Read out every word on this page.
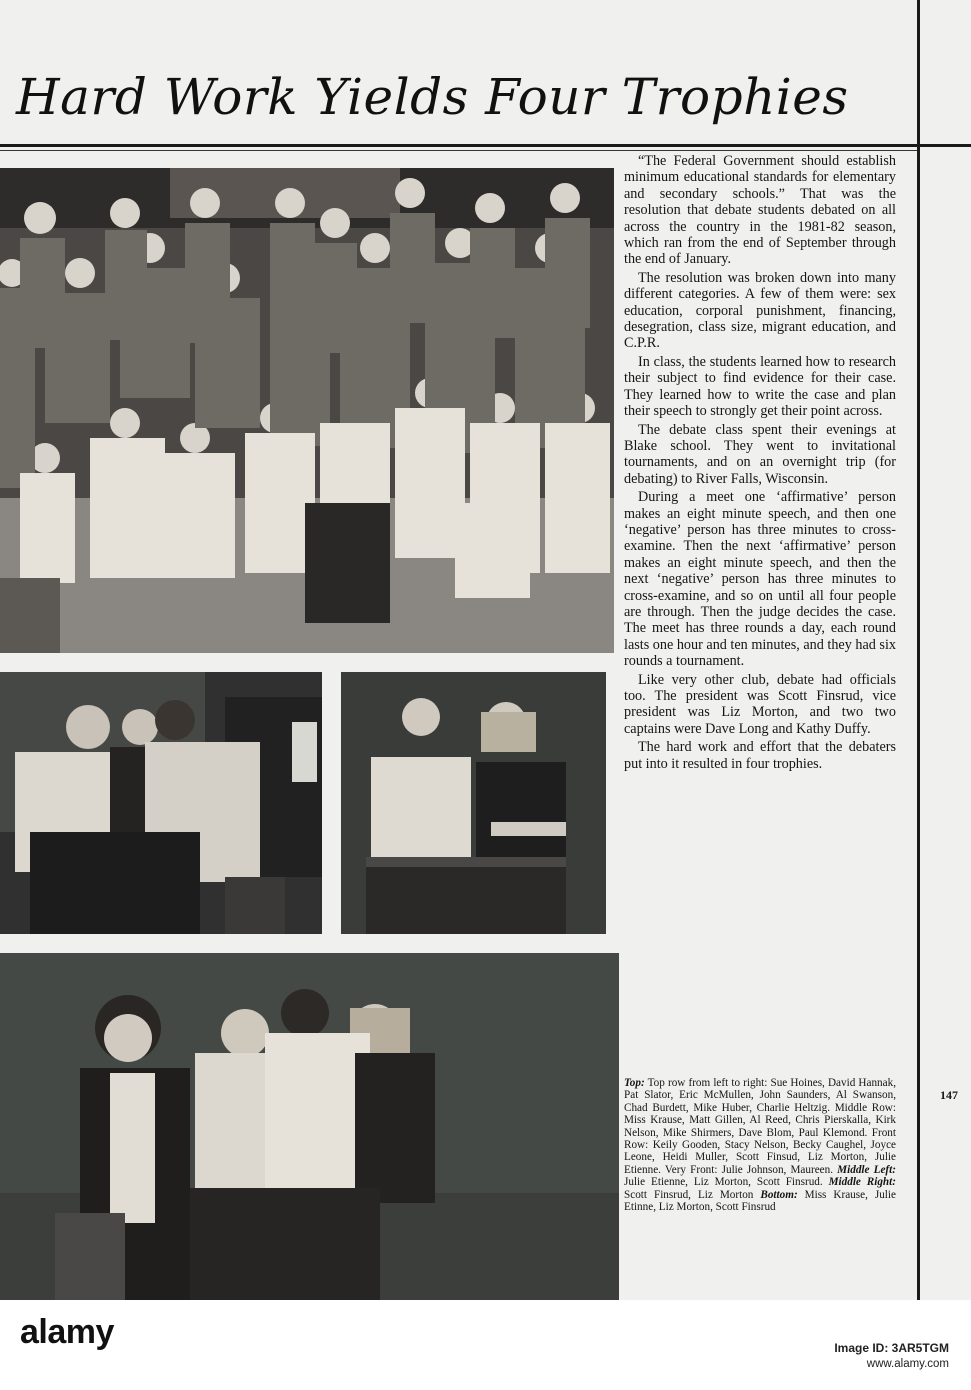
Hard Work Yields Four Trophies

“The Federal Government should establish minimum educational standards for elementary and secondary schools.” That was the resolution that debate students debated on all across the country in the 1981-82 season, which ran from the end of September through the end of January.

The resolution was broken down into many different categories. A few of them were: sex education, corporal punishment, financing, desegration, class size, migrant education, and C.P.R.

In class, the students learned how to research their subject to find evidence for their case. They learned how to write the case and plan their speech to strongly get their point across.

The debate class spent their evenings at Blake school. They went to invitational tournaments, and on an overnight trip (for debating) to River Falls, Wisconsin.

During a meet one ‘affirmative’ person makes an eight minute speech, and then one ‘negative’ person has three minutes to cross-examine. Then the next ‘affirmative’ person makes an eight minute speech, and then the next ‘negative’ person has three minutes to cross-examine, and so on until all four people are through. Then the judge decides the case. The meet has three rounds a day, each round lasts one hour and ten minutes, and they had six rounds a tournament.

Like very other club, debate had officials too. The president was Scott Finsrud, vice president was Liz Morton, and two two captains were Dave Long and Kathy Duffy.

The hard work and effort that the debaters put into it resulted in four trophies.

Top: Top row from left to right: Sue Hoines, David Hannak, Pat Slator, Eric McMullen, John Saunders, Al Swanson, Chad Burdett, Mike Huber, Charlie Heltzig. Middle Row: Miss Krause, Matt Gillen, Al Reed, Chris Pierskalla, Kirk Nelson, Mike Shirmers, Dave Blom, Paul Klemond. Front Row: Keily Gooden, Stacy Nelson, Becky Caughel, Joyce Leone, Heidi Muller, Scott Finsud, Liz Morton, Julie Etienne. Very Front: Julie Johnson, Maureen. Middle Left: Julie Etienne, Liz Morton, Scott Finsrud. Middle Right: Scott Finsrud, Liz Morton Bottom: Miss Krause, Julie Etinne, Liz Morton, Scott Finsrud
147
alamy	Image ID: 3AR5TGM
www.alamy.com
